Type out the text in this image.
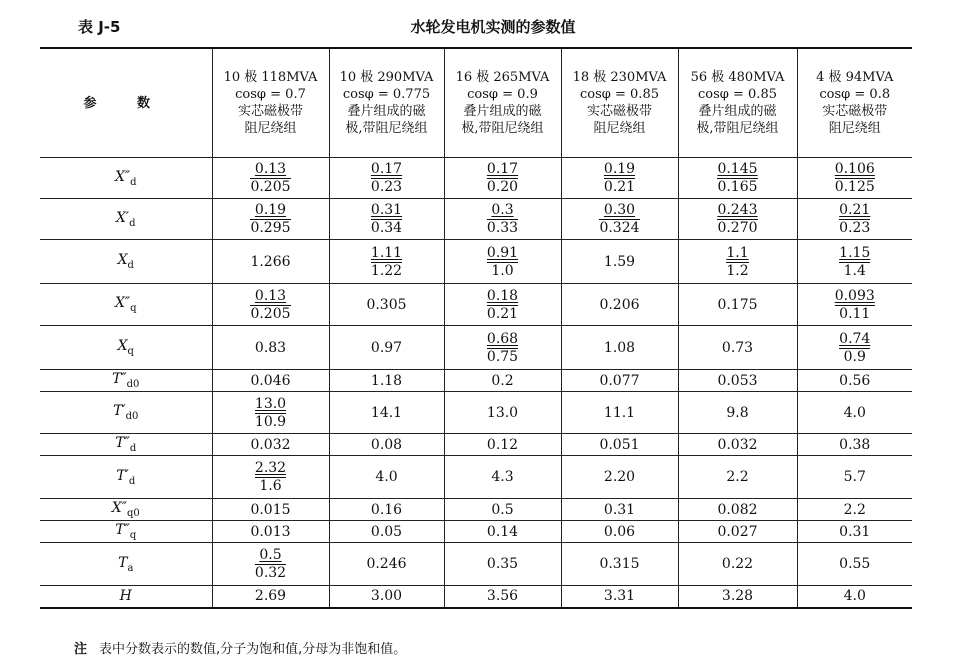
表 J-5	水轮发电机实测的参数值
参 数	10 极 118MVA
cosφ = 0.7
实芯磁极带
阻尼绕组	10 极 290MVA
cosφ = 0.775
叠片组成的磁
极,带阻尼绕组	16 极 265MVA
cosφ = 0.9
叠片组成的磁
极,带阻尼绕组	18 极 230MVA
cosφ = 0.85
实芯磁极带
阻尼绕组	56 极 480MVA
cosφ = 0.85
叠片组成的磁
极,带阻尼绕组	4 极 94MVA
cosφ = 0.8
实芯磁极带
阻尼绕组

$X''_d$	$\frac{0.13}{0.205}$	$\frac{0.17}{0.23}$	$\frac{0.17}{0.20}$	$\frac{0.19}{0.21}$	$\frac{0.145}{0.165}$	$\frac{0.106}{0.125}$

$X'_d$	$\frac{0.19}{0.295}$	$\frac{0.31}{0.34}$	$\frac{0.3}{0.33}$	$\frac{0.30}{0.324}$	$\frac{0.243}{0.270}$	$\frac{0.21}{0.23}$

$X_d$	1.266	$\frac{1.11}{1.22}$	$\frac{0.91}{1.0}$	1.59	$\frac{1.1}{1.2}$	$\frac{1.15}{1.4}$

$X''_q$	$\frac{0.13}{0.205}$	0.305	$\frac{0.18}{0.21}$	0.206	0.175	$\frac{0.093}{0.11}$

$X_q$	0.83	0.97	$\frac{0.68}{0.75}$	1.08	0.73	$\frac{0.74}{0.9}$

$T''_{d0}$	0.046	1.18	0.2	0.077	0.053	0.56
$T'_{d0}$	$\frac{13.0}{10.9}$	14.1	13.0	11.1	9.8	4.0
$T''_d$	0.032	0.08	0.12	0.051	0.032	0.38
$T'_d$	$\frac{2.32}{1.6}$	4.0	4.3	2.20	2.2	5.7
$X''_{q0}$	0.015	0.16	0.5	0.31	0.082	2.2
$T''_q$	0.013	0.05	0.14	0.06	0.027	0.31
$T_a$	$\frac{0.5}{0.32}$	0.246	0.35	0.315	0.22	0.55
H	2.69	3.00	3.56	3.31	3.28	4.0
注 表中分数表示的数值,分子为饱和值,分母为非饱和值。
